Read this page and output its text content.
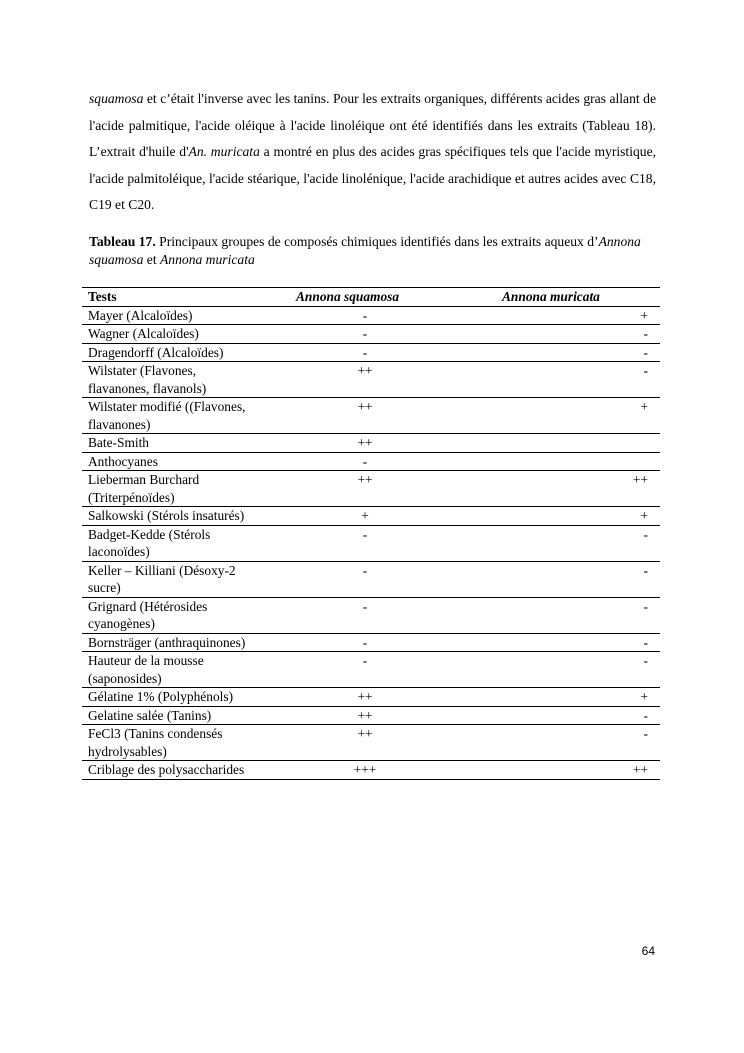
squamosa et c’était l'inverse avec les tanins. Pour les extraits organiques, différents acides gras allant de l'acide palmitique, l'acide oléique à l'acide linoléique ont été identifiés dans les extraits (Tableau 18). L’extrait d'huile d'An. muricata a montré en plus des acides gras spécifiques tels que l'acide myristique, l'acide palmitoléique, l'acide stéarique, l'acide linolénique, l'acide arachidique et autres acides avec C18, C19 et C20.
Tableau 17. Principaux groupes de composés chimiques identifiés dans les extraits aqueux d’Annona squamosa et Annona muricata
Tests	Annona squamosa	Annona muricata
Mayer (Alcaloïdes)	-	+
Wagner (Alcaloïdes)	-	-
Dragendorff (Alcaloïdes)	-	-
Wilstater (Flavones, flavanones, flavanols)	++	-
Wilstater modifié ((Flavones, flavanones)	++	+
Bate-Smith	++	
Anthocyanes	-	
Lieberman Burchard (Triterpénoïdes)	++	++
Salkowski (Stérols insaturés)	+	+
Badget-Kedde (Stérols laconoïdes)	-	-
Keller – Killiani (Désoxy-2 sucre)	-	-
Grignard (Hétérosides cyanogènes)	-	-
Bornsträger (anthraquinones)	-	-
Hauteur de la mousse (saponosides)	-	-
Gélatine 1% (Polyphénols)	++	+
Gelatine salée (Tanins)	++	-
FeCl3 (Tanins condensés hydrolysables)	++	-
Criblage des polysaccharides	+++	++
64
